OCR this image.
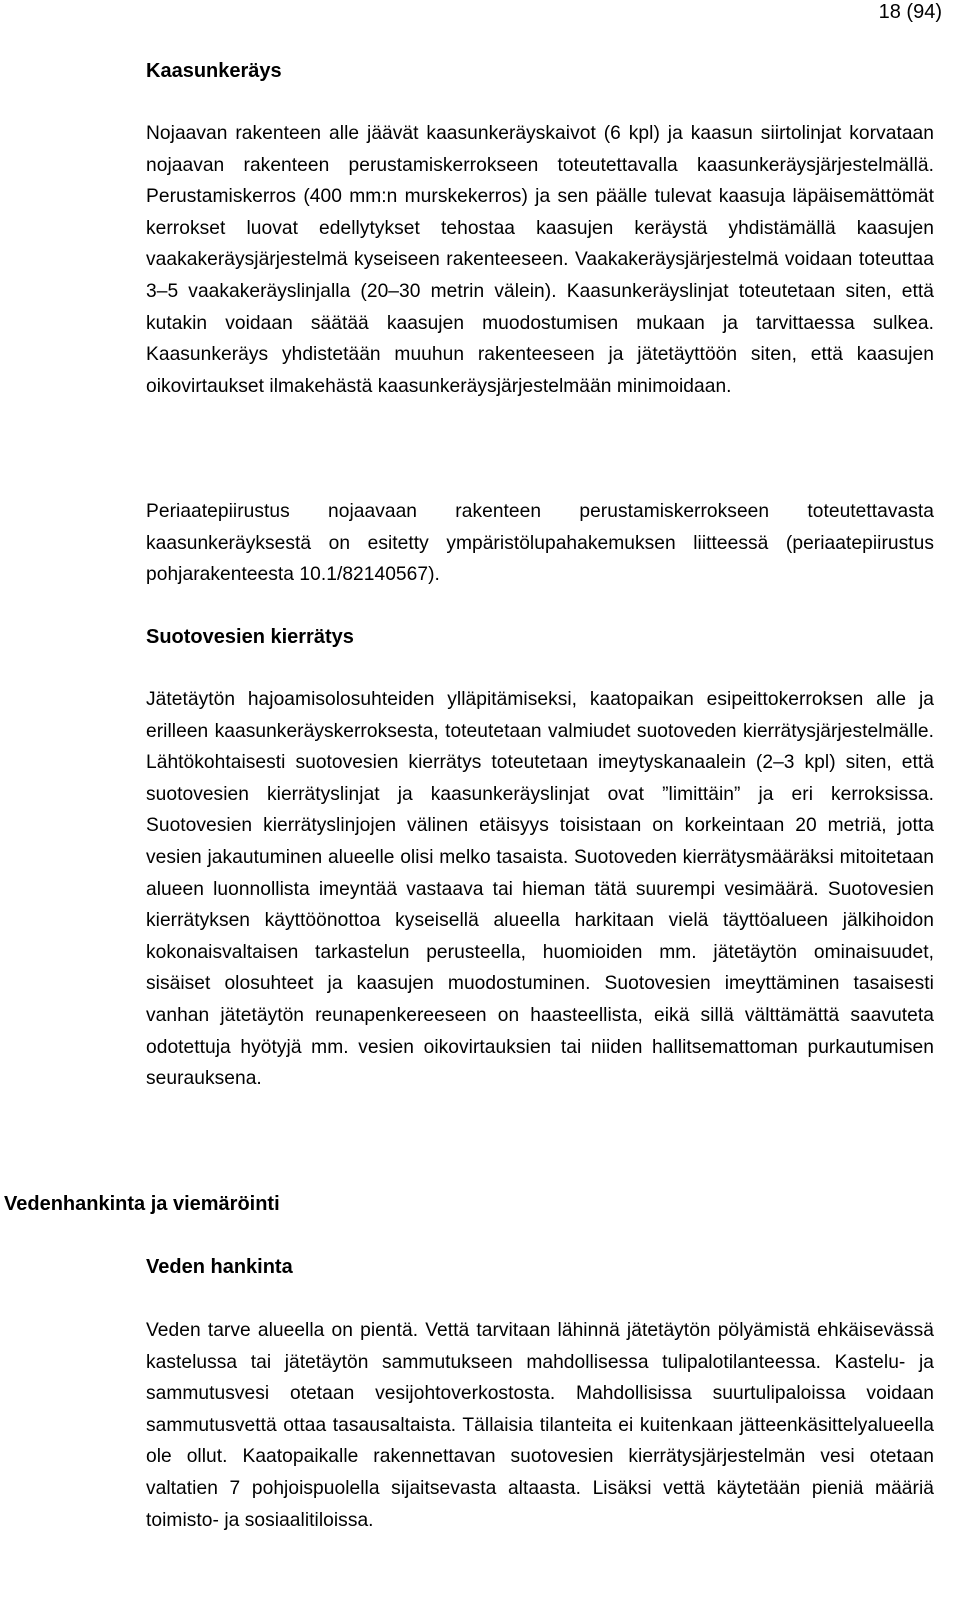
18 (94)
Kaasunkeräys

Nojaavan rakenteen alle jäävät kaasunkeräyskaivot (6 kpl) ja kaasun siirtolinjat korvataan nojaavan rakenteen perustamiskerrokseen toteutettavalla kaasunkeräysjärjestelmällä. Perustamiskerros (400 mm:n murskekerros) ja sen päälle tulevat kaasuja läpäisemättömät kerrokset luovat edellytykset tehostaa kaasujen keräystä yhdistämällä kaasujen vaakakeräysjärjestelmä kyseiseen rakenteeseen. Vaakakeräysjärjestelmä voidaan toteuttaa 3–5 vaakakeräyslinjalla (20–30 metrin välein). Kaasunkeräyslinjat toteutetaan siten, että kutakin voidaan säätää kaasujen muodostumisen mukaan ja tarvittaessa sulkea. Kaasunkeräys yhdistetään muuhun rakenteeseen ja jätetäyttöön siten, että kaasujen oikovirtaukset ilmakehästä kaasunkeräysjärjestelmään minimoidaan.

Periaatepiirustus nojaavaan rakenteen perustamiskerrokseen toteutettavasta kaasunkeräyksestä on esitetty ympäristölupahakemuksen liitteessä (periaatepiirustus pohjarakenteesta 10.1/82140567).

Suotovesien kierrätys

Jätetäytön hajoamisolosuhteiden ylläpitämiseksi, kaatopaikan esipeittokerroksen alle ja erilleen kaasunkeräyskerroksesta, toteutetaan valmiudet suotoveden kierrätysjärjestelmälle. Lähtökohtaisesti suotovesien kierrätys toteutetaan imeytyskanaalein (2–3 kpl) siten, että suotovesien kierrätyslinjat ja kaasunkeräyslinjat ovat ”limittäin” ja eri kerroksissa. Suotovesien kierrätyslinjojen välinen etäisyys toisistaan on korkeintaan 20 metriä, jotta vesien jakautuminen alueelle olisi melko tasaista. Suotoveden kierrätysmääräksi mitoitetaan alueen luonnollista imeyntää vastaava tai hieman tätä suurempi vesimäärä. Suotovesien kierrätyksen käyttöönottoa kyseisellä alueella harkitaan vielä täyttöalueen jälkihoidon kokonaisvaltaisen tarkastelun perusteella, huomioiden mm. jätetäytön ominaisuudet, sisäiset olosuhteet ja kaasujen muodostuminen. Suotovesien imeyttäminen tasaisesti vanhan jätetäytön reunapenkereeseen on haasteellista, eikä sillä välttämättä saavuteta odotettuja hyötyjä mm. vesien oikovirtauksien tai niiden hallitsemattoman purkautumisen seurauksena.

Vedenhankinta ja viemäröinti
Veden hankinta

Veden tarve alueella on pientä. Vettä tarvitaan lähinnä jätetäytön pölyämistä ehkäisevässä kastelussa tai jätetäytön sammutukseen mahdollisessa tulipalotilanteessa. Kastelu- ja sammutusvesi otetaan vesijohtoverkostosta. Mahdollisissa suurtulipaloissa voidaan sammutusvettä ottaa tasausaltaista. Tällaisia tilanteita ei kuitenkaan jätteenkäsittelyalueella ole ollut. Kaatopaikalle rakennettavan suotovesien kierrätysjärjestelmän vesi otetaan valtatien 7 pohjoispuolella sijaitsevasta altaasta. Lisäksi vettä käytetään pieniä määriä toimisto- ja sosiaalitiloissa.
